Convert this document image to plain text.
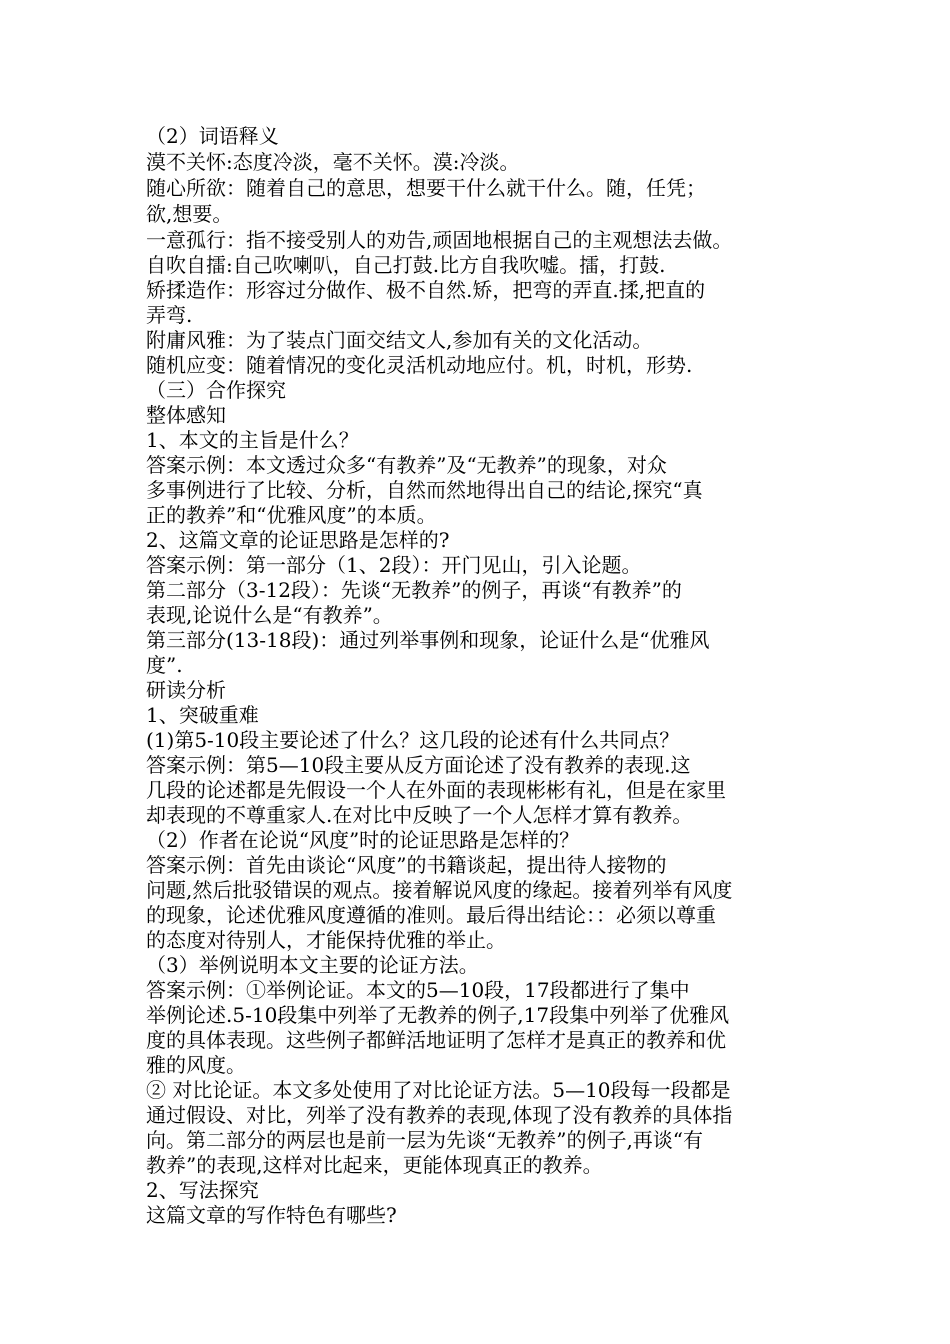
（2）词语释义
漠不关怀:态度冷淡，毫不关怀。漠:冷淡。
随心所欲：随着自己的意思，想要干什么就干什么。随，任凭；
欲,想要。
一意孤行：指不接受别人的劝告,顽固地根据自己的主观想法去做。
自吹自擂:自己吹喇叭，自己打鼓.比方自我吹嘘。擂，打鼓.
矫揉造作：形容过分做作、极不自然.矫，把弯的弄直.揉,把直的
弄弯.
附庸风雅：为了装点门面交结文人,参加有关的文化活动。
随机应变：随着情况的变化灵活机动地应付。机，时机，形势.
（三）合作探究
整体感知
1、本文的主旨是什么？
答案示例：本文透过众多“有教养”及“无教养”的现象，对众
多事例进行了比较、分析，自然而然地得出自己的结论,探究“真
正的教养”和“优雅风度”的本质。
2、这篇文章的论证思路是怎样的?
答案示例：第一部分（1、2段）：开门见山，引入论题。
第二部分（3-12段）：先谈“无教养”的例子，再谈“有教养”的
表现,论说什么是“有教养”。
第三部分(13-18段)：通过列举事例和现象，论证什么是“优雅风
度”.
研读分析
1、突破重难
(1)第5-10段主要论述了什么？这几段的论述有什么共同点？
答案示例：第5—10段主要从反方面论述了没有教养的表现.这
几段的论述都是先假设一个人在外面的表现彬彬有礼，但是在家里
却表现的不尊重家人.在对比中反映了一个人怎样才算有教养。
（2）作者在论说“风度”时的论证思路是怎样的？
答案示例：首先由谈论“风度”的书籍谈起，提出待人接物的
问题,然后批驳错误的观点。接着解说风度的缘起。接着列举有风度
的现象，论述优雅风度遵循的准则。最后得出结论：：必须以尊重
的态度对待别人，才能保持优雅的举止。
（3）举例说明本文主要的论证方法。
答案示例：①举例论证。本文的5—10段，17段都进行了集中
举例论述.5-10段集中列举了无教养的例子,17段集中列举了优雅风
度的具体表现。这些例子都鲜活地证明了怎样才是真正的教养和优
雅的风度。
② 对比论证。本文多处使用了对比论证方法。5—10段每一段都是
通过假设、对比，列举了没有教养的表现,体现了没有教养的具体指
向。第二部分的两层也是前一层为先谈“无教养”的例子,再谈“有
教养”的表现,这样对比起来，更能体现真正的教养。
2、写法探究
这篇文章的写作特色有哪些?
